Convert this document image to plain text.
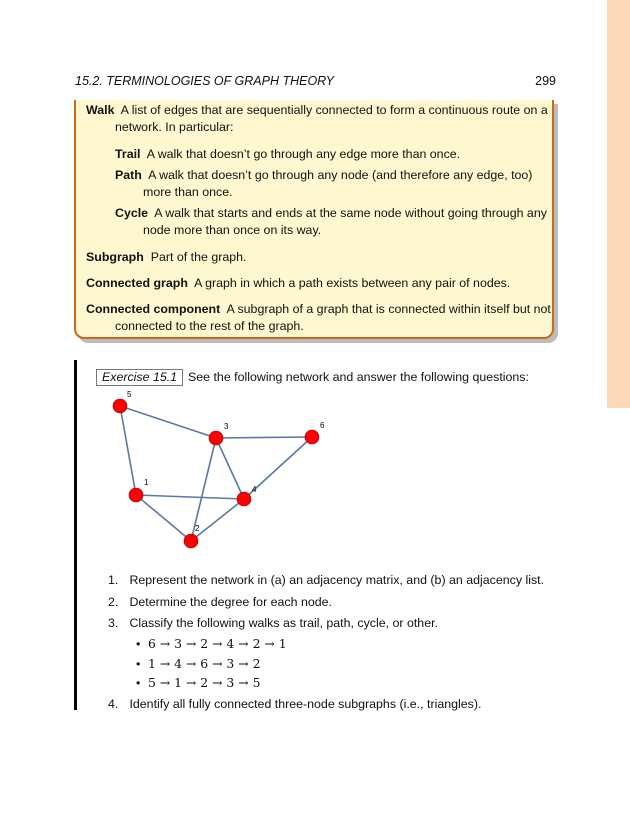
15.2. TERMINOLOGIES OF GRAPH THEORY	299
Walk A list of edges that are sequentially connected to form a continuous route on a
network. In particular:
Trail A walk that doesn’t go through any edge more than once.
Path A walk that doesn’t go through any node (and therefore any edge, too)
more than once.
Cycle A walk that starts and ends at the same node without going through any
node more than once on its way.
Subgraph Part of the graph.
Connected graph A graph in which a path exists between any pair of nodes.
Connected component A subgraph of a graph that is connected within itself but not
connected to the rest of the graph.
Exercise 15.1 See the following network and answer the following questions:
1
2
3
4
5
6
1. Represent the network in (a) an adjacency matrix, and (b) an adjacency list.
2. Determine the degree for each node.
3. Classify the following walks as trail, path, cycle, or other.
• 6 → 3 → 2 → 4 → 2 → 1
• 1 → 4 → 6 → 3 → 2
• 5 → 1 → 2 → 3 → 5
4. Identify all fully connected three-node subgraphs (i.e., triangles).
